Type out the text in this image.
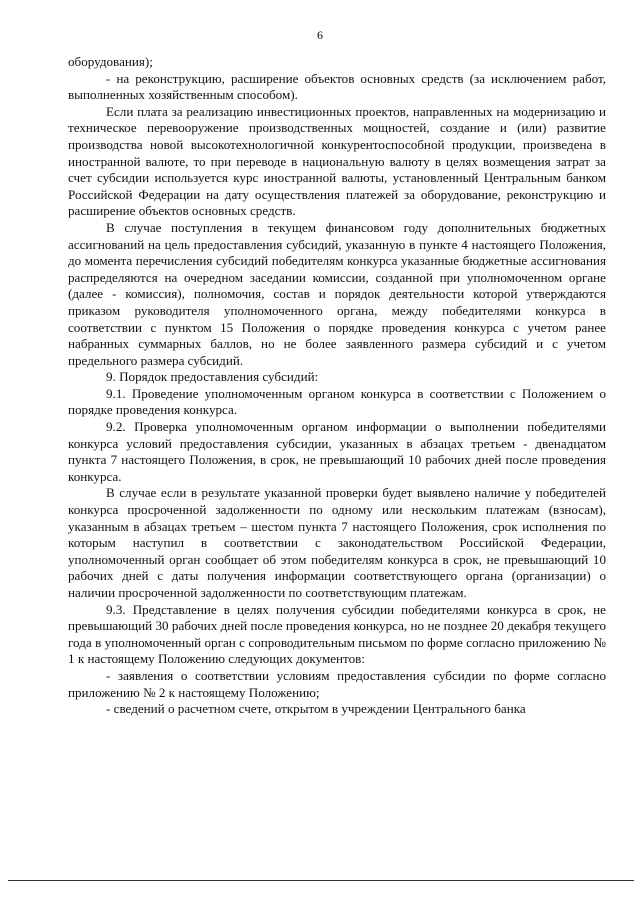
6

оборудования);

- на реконструкцию, расширение объектов основных средств (за исключением работ, выполненных хозяйственным способом).

Если плата за реализацию инвестиционных проектов, направленных на модернизацию и техническое перевооружение производственных мощностей, создание и (или) развитие производства новой высокотехнологичной конкурентоспособной продукции, произведена в иностранной валюте, то при переводе в национальную валюту в целях возмещения затрат за счет субсидии используется курс иностранной валюты, установленный Центральным банком Российской Федерации на дату осуществления платежей за оборудование, реконструкцию и расширение объектов основных средств.

В случае поступления в текущем финансовом году дополнительных бюджетных ассигнований на цель предоставления субсидий, указанную в пункте 4 настоящего Положения, до момента перечисления субсидий победителям конкурса указанные бюджетные ассигнования распределяются на очередном заседании комиссии, созданной при уполномоченном органе (далее - комиссия), полномочия, состав и порядок деятельности которой утверждаются приказом руководителя уполномоченного органа, между победителями конкурса в соответствии с пунктом 15 Положения о порядке проведения конкурса с учетом ранее набранных суммарных баллов, но не более заявленного размера субсидий и с учетом предельного размера субсидий.

9. Порядок предоставления субсидий:

9.1. Проведение уполномоченным органом конкурса в соответствии с Положением о порядке проведения конкурса.

9.2. Проверка уполномоченным органом информации о выполнении победителями конкурса условий предоставления субсидии, указанных в абзацах третьем - двенадцатом пункта 7 настоящего Положения, в срок, не превышающий 10 рабочих дней после проведения конкурса.

В случае если в результате указанной проверки будет выявлено наличие у победителей конкурса просроченной задолженности по одному или нескольким платежам (взносам), указанным в абзацах третьем – шестом пункта 7 настоящего Положения, срок исполнения по которым наступил в соответствии с законодательством Российской Федерации, уполномоченный орган сообщает об этом победителям конкурса в срок, не превышающий 10 рабочих дней с даты получения информации соответствующего органа (организации) о наличии просроченной задолженности по соответствующим платежам.

9.3. Представление в целях получения субсидии победителями конкурса в срок, не превышающий 30 рабочих дней после проведения конкурса, но не позднее 20 декабря текущего года в уполномоченный орган с сопроводительным письмом по форме согласно приложению № 1 к настоящему Положению следующих документов:

- заявления о соответствии условиям предоставления субсидии по форме согласно приложению № 2 к настоящему Положению;

- сведений о расчетном счете, открытом в учреждении Центрального банка
